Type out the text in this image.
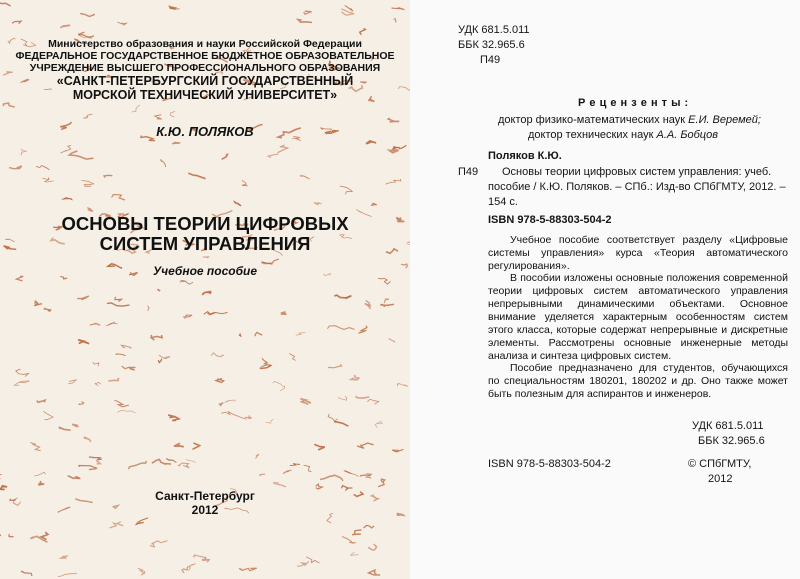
Министерство образования и науки Российской Федерации
ФЕДЕРАЛЬНОЕ ГОСУДАРСТВЕННОЕ БЮДЖЕТНОЕ ОБРАЗОВАТЕЛЬНОЕ
УЧРЕЖДЕНИЕ ВЫСШЕГО ПРОФЕССИОНАЛЬНОГО ОБРАЗОВАНИЯ
«САНКТ-ПЕТЕРБУРГСКИЙ ГОСУДАРСТВЕННЫЙ
МОРСКОЙ ТЕХНИЧЕСКИЙ УНИВЕРСИТЕТ»
К.Ю. ПОЛЯКОВ
ОСНОВЫ ТЕОРИИ ЦИФРОВЫХ
СИСТЕМ УПРАВЛЕНИЯ
Учебное пособие
Санкт-Петербург
2012
УДК 681.5.011
ББК 32.965.6
П49
Р е ц е н з е н т ы :
доктор физико-математических наук Е.И. Веремей;
доктор технических наук А.А. Бобцов
П49
Поляков К.Ю.
Основы теории цифровых систем управления: учеб.
пособие / К.Ю. Поляков. – СПб.: Изд-во СПбГМТУ, 2012. –
154 с.
ISBN 978-5-88303-504-2
Учебное пособие соответствует разделу «Цифровые системы управления» курса «Теория автоматического регулирования».
В пособии изложены основные положения современной теории цифровых систем автоматического управления непрерывными динамическими объектами. Основное внимание уделяется характерным особенностям систем этого класса, которые содержат непрерывные и дискретные элементы. Рассмотрены основные инженерные методы анализа и синтеза цифровых систем.
Пособие предназначено для студентов, обучающихся по специальностям 180201, 180202 и др. Оно также может быть полезным для аспирантов и инженеров.
УДК 681.5.011
ББК 32.965.6
ISBN 978-5-88303-504-2	© СПбГМТУ,
2012
